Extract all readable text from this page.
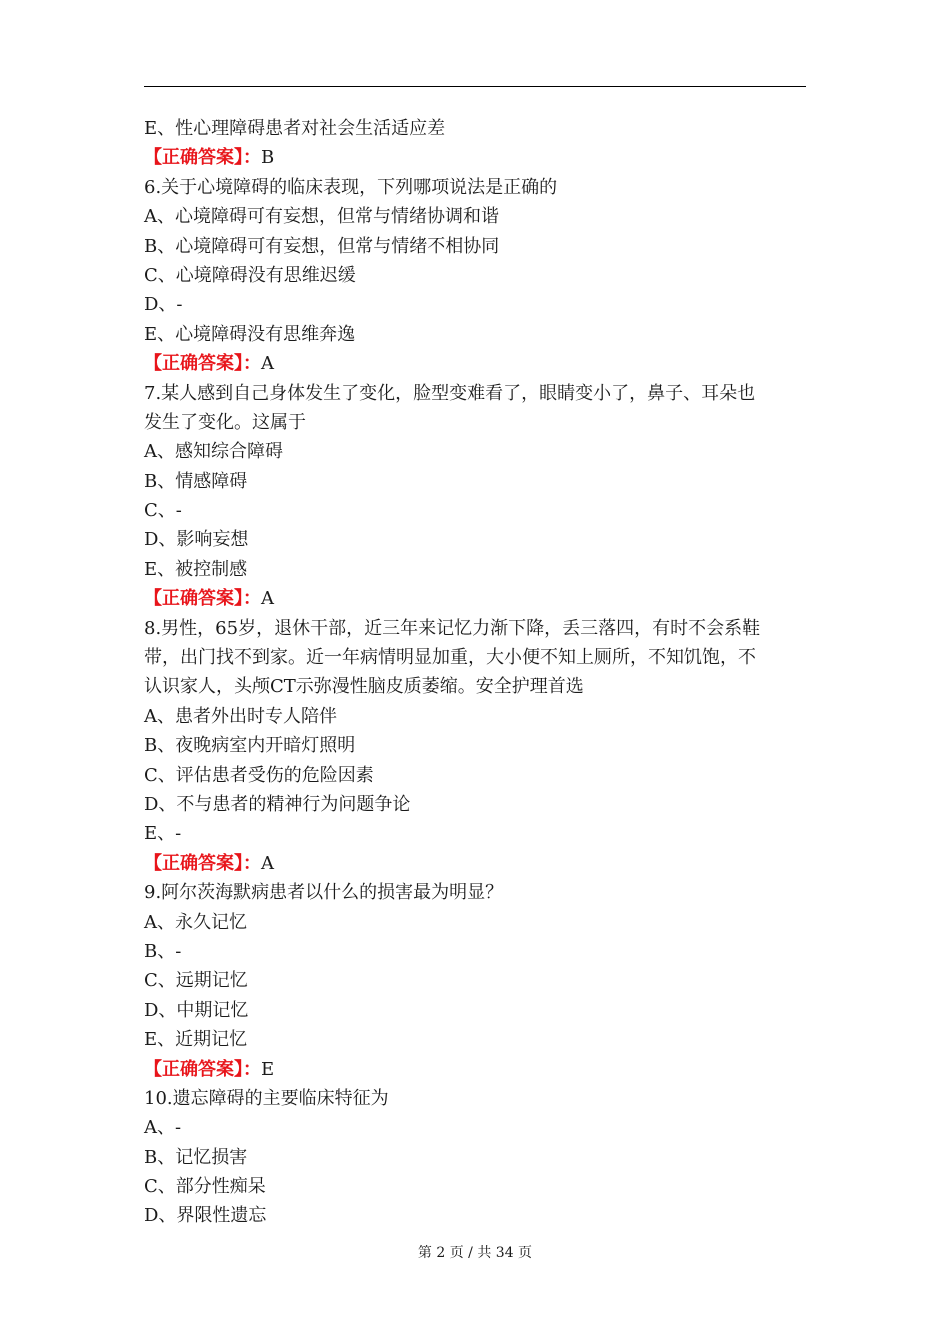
E、性心理障碍患者对社会生活适应差
【正确答案】：B
6.关于心境障碍的临床表现，下列哪项说法是正确的
A、心境障碍可有妄想，但常与情绪协调和谐
B、心境障碍可有妄想，但常与情绪不相协同
C、心境障碍没有思维迟缓
D、-
E、心境障碍没有思维奔逸
【正确答案】：A
7.某人感到自己身体发生了变化，脸型变难看了，眼睛变小了，鼻子、耳朵也
发生了变化。这属于
A、感知综合障碍
B、情感障碍
C、-
D、影响妄想
E、被控制感
【正确答案】：A
8.男性，65岁，退休干部，近三年来记忆力渐下降，丢三落四，有时不会系鞋
带，出门找不到家。近一年病情明显加重，大小便不知上厕所，不知饥饱，不
认识家人，头颅CT示弥漫性脑皮质萎缩。安全护理首选
A、患者外出时专人陪伴
B、夜晚病室内开暗灯照明
C、评估患者受伤的危险因素
D、不与患者的精神行为问题争论
E、-
【正确答案】：A
9.阿尔茨海默病患者以什么的损害最为明显？
A、永久记忆
B、-
C、远期记忆
D、中期记忆
E、近期记忆
【正确答案】：E
10.遗忘障碍的主要临床特征为
A、-
B、记忆损害
C、部分性痴呆
D、界限性遗忘
第 2 页 / 共 34 页
